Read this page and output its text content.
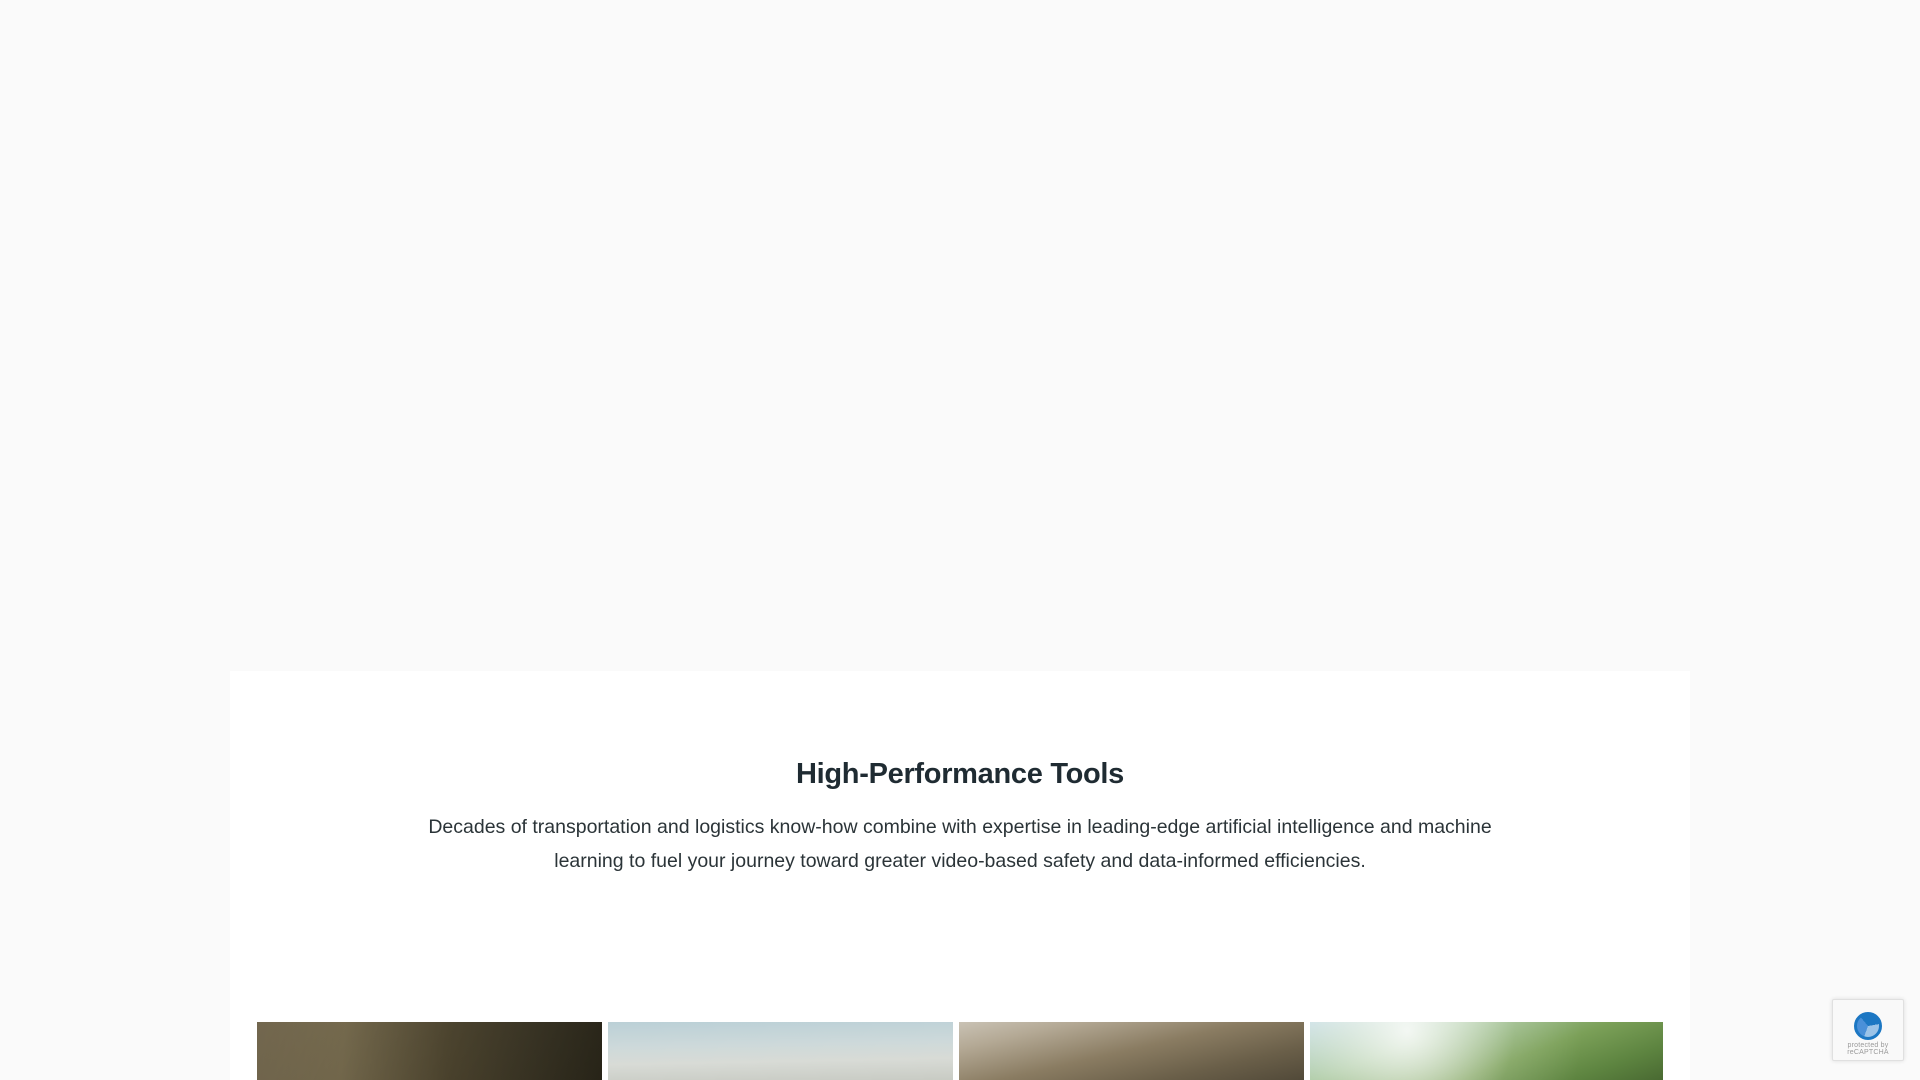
High-Performance Tools
Decades of transportation and logistics know-how combine with expertise in leading-edge artificial intelligence and machine learning to fuel your journey toward greater video-based safety and data-informed efficiencies.
protected by reCAPTCHA
